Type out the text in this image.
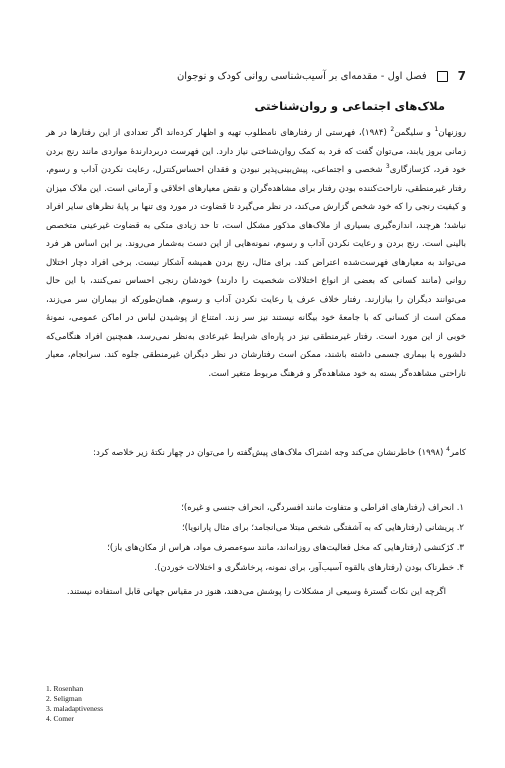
7
فصل اول - مقدمه‌ای بر آسیب‌شناسی روانی کودک و نوجوان
ملاک‌های اجتماعی و روان‌شناختی

روزنهان$^1$ و سلیگمن$^2$ (۱۹۸۴)، فهرستی از رفتارهای نامطلوب تهیه و اظهار کرده‌اند اگر تعدادی از این رفتارها در هر زمانی بروز یابند، می‌توان گفت که فرد به کمک روان‌شناختی نیاز دارد. این فهرست دربردارندهٔ مواردی مانند رنج بردن خود فرد، کژسازگاری$^3$ شخصی و اجتماعی، پیش‌بینی‌پذیر نبودن و فقدان احساس‌کنترل، رعایت نکردن آداب و رسوم، رفتار غیرمنطقی، ناراحت‌کننده بودن رفتار برای مشاهده‌گران و نقض معیارهای اخلاقی و آرمانی است. این ملاک میزان و کیفیت رنجی را که خود شخص گزارش می‌کند، در نظر می‌گیرد تا قضاوت در مورد وی تنها بر پایهٔ نظرهای سایر افراد نباشد؛ هرچند، اندازه‌گیری بسیاری از ملاک‌های مذکور مشکل است، تا حد زیادی متکی به قضاوت غیرعینی متخصص بالینی است. رنج بردن و رعایت نکردن آداب و رسوم، نمونه‌هایی از این دست به‌شمار می‌روند. بر این اساس هر فرد می‌تواند به معیارهای فهرست‌شده اعتراض کند. برای مثال، رنج بردن همیشه آشکار نیست. برخی افراد دچار اختلال روانی (مانند کسانی که بعضی از انواع اختلالات شخصیت را دارند) خودشان رنجی احساس نمی‌کنند، با این حال می‌توانند دیگران را بیازارند. رفتار خلاف عرف یا رعایت نکردن آداب و رسوم، همان‌طورکه از بیماران سر می‌زند، ممکن است از کسانی که با جامعهٔ خود بیگانه نیستند نیز سر زند. امتناع از پوشیدن لباس در اماکن عمومی، نمونهٔ خوبی از این مورد است. رفتار غیرمنطقی نیز در پاره‌ای شرایط غیرعادی به‌نظر نمی‌رسد، همچنین افراد هنگامی‌که دلشوره یا بیماری جسمی داشته باشند، ممکن است رفتارشان در نظر دیگران غیرمنطقی جلوه کند. سرانجام، معیار ناراحتی مشاهده‌گر بسته به خود مشاهده‌گر و فرهنگ مربوط متغیر است.

کامر$^4$ (۱۹۹۸) خاطرنشان می‌کند وجه اشتراک ملاک‌های پیش‌گفته را می‌توان در چهار نکتهٔ زیر خلاصه کرد:

۱. انحراف (رفتارهای افراطی و متفاوت مانند افسردگی، انحراف جنسی و غیره)؛
۲. پریشانی (رفتارهایی که به آشفتگی شخص مبتلا می‌انجامد؛ برای مثال پارانویا)؛
۳. کژکنشی (رفتارهایی که مخل فعالیت‌های روزانه‌اند، مانند سوءمصرف مواد، هراس از مکان‌های باز)؛
۴. خطرناک بودن (رفتارهای بالقوه آسیب‌آور، برای نمونه، پرخاشگری و اختلالات خوردن).
اگرچه این نکات گسترهٔ وسیعی از مشکلات را پوشش می‌دهند، هنوز در مقیاس جهانی قابل استفاده نیستند.
1. Rosenhan
2. Seligman
3. maladaptiveness
4. Comer
